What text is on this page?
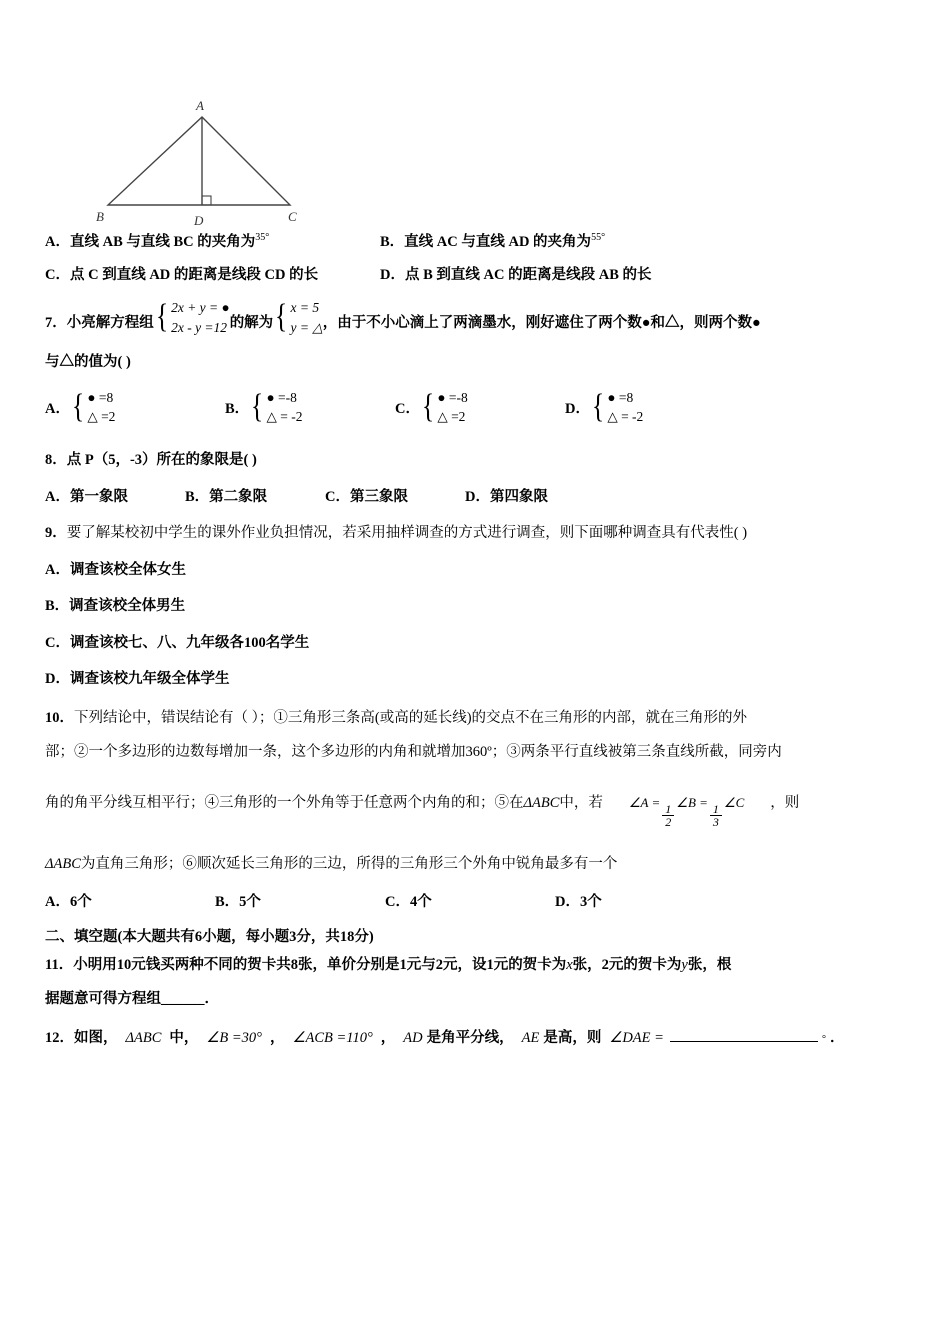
A
B	D	C
A．直线 AB 与直线 BC 的夹角为$^{35^\circ}$	B．直线 AC 与直线 AD 的夹角为$^{55^\circ}$
C．点 C 到直线 AD 的距离是线段 CD 的长	D．点 B 到直线 AC 的距离是线段 AB 的长
7． 小亮解方程组 { 2x + y = ●
2x - y =12 的解为 { x = 5
y = △ ，由于不小心滴上了两滴墨水，刚好遮住了两个数●和△，则两个数●
与△的值为( )
A． { ● =8
△ =2	B． { ● =-8
△ = -2	C． { ● =-8
△ =2	D． { ● =8
△ = -2
8．点 P（5，-3）所在的象限是( )
A．第一象限	B．第二象限	C．第三象限	D．第四象限
9．要了解某校初中学生的课外作业负担情况，若采用抽样调查的方式进行调查，则下面哪种调查具有代表性( )
A．调查该校全体女生
B．调查该校全体男生
C．调查该校七、八、九年级各100名学生
D．调查该校九年级全体学生
10．下列结论中，错误结论有（ ）；①三角形三条高(或高的延长线)的交点不在三角形的内部，就在三角形的外
部；②一个多边形的边数每增加一条，这个多边形的内角和就增加360º；③两条平行直线被第三条直线所截，同旁内
角的角平分线互相平行；④三角形的一个外角等于任意两个内角的和；⑤在 ΔABC 中，若 ∠A = $\frac{1}{2}$ ∠B = $\frac{1}{3}$ ∠C ，则
ΔABC为直角三角形；⑥顺次延长三角形的三边，所得的三角形三个外角中锐角最多有一个
A．6个	B．5个	C．4个	D．3个
二、填空题(本大题共有6小题，每小题3分，共18分)
11．小明用10元钱买两种不同的贺卡共8张，单价分别是1元与2元，设1元的贺卡为x张，2元的贺卡为y张，根
据题意可得方程组______．
12． 如图， ΔABC 中， ∠B =30° ， ∠ACB =110° ， AD 是角平分线， AE 是高，则 ∠DAE =	° ．
